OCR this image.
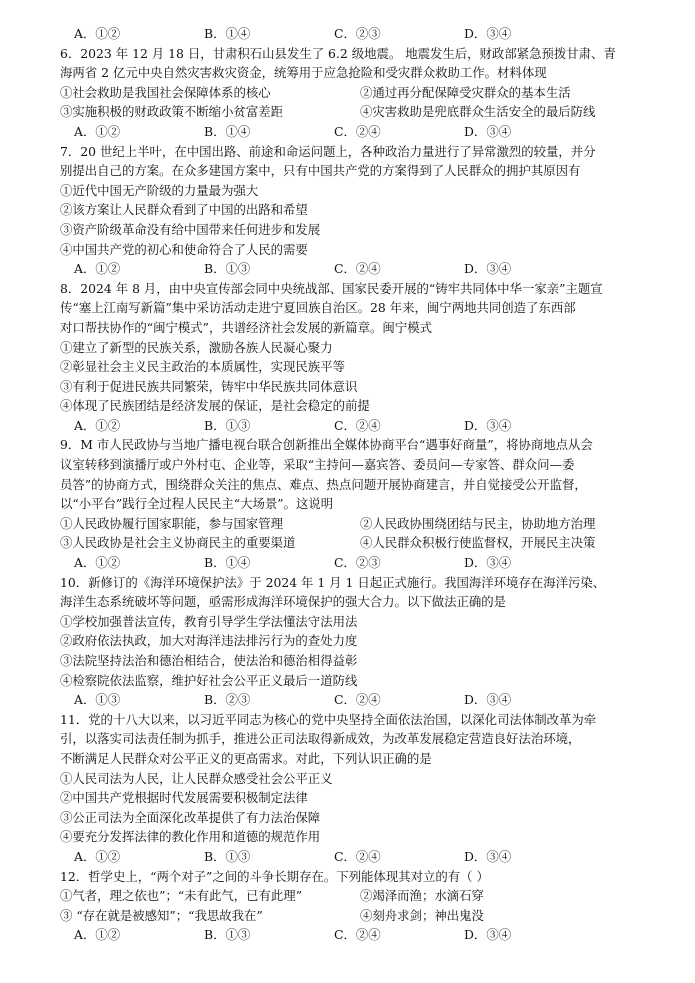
A．①②	B．①④	C．②③	D．③④
6．2023 年 12 月 18 日，甘肃积石山县发生了 6.2 级地震。 地震发生后，财政部紧急预拨甘肃、青
海两省 2 亿元中央自然灾害救灾资金，统筹用于应急抢险和受灾群众救助工作。材料体现
①社会救助是我国社会保障体系的核心	②通过再分配保障受灾群众的基本生活
③实施积极的财政政策不断缩小贫富差距	④灾害救助是兜底群众生活安全的最后防线
A．①②	B．①④	C．②④	D．③④
7．20 世纪上半叶，在中国出路、前途和命运问题上，各种政治力量进行了异常激烈的较量，并分
别提出自己的方案。在众多建国方案中，只有中国共产党的方案得到了人民群众的拥护其原因有
①近代中国无产阶级的力量最为强大
②该方案让人民群众看到了中国的出路和希望
③资产阶级革命没有给中国带来任何进步和发展
④中国共产党的初心和使命符合了人民的需要
A．①②	B．①③	C．②④	D．③④
8．2024 年 8 月，由中央宣传部会同中央统战部、国家民委开展的“铸牢共同体中华一家亲”主题宣
传“塞上江南写新篇”集中采访活动走进宁夏回族自治区。28 年来，闽宁两地共同创造了东西部
对口帮扶协作的“闽宁模式”，共谱经济社会发展的新篇章。闽宁模式
①建立了新型的民族关系，激励各族人民凝心聚力
②彰显社会主义民主政治的本质属性，实现民族平等
③有利于促进民族共同繁荣，铸牢中华民族共同体意识
④体现了民族团结是经济发展的保证，是社会稳定的前提
A．①②	B．①③	C．②④	D．③④
9．M 市人民政协与当地广播电视台联合创新推出全媒体协商平台“遇事好商量”，将协商地点从会
议室转移到演播厅或户外村屯、企业等，采取“主持问—嘉宾答、委员问—专家答、群众问—委
员答”的协商方式，围绕群众关注的焦点、难点、热点问题开展协商建言，并自觉接受公开监督，
以“小平台”践行全过程人民民主“大场景”。这说明
①人民政协履行国家职能，参与国家管理	②人民政协围绕团结与民主，协助地方治理
③人民政协是社会主义协商民主的重要渠道	④人民群众积极行使监督权，开展民主决策
A．①②	B．①④	C．②③	D．③④
10．新修订的《海洋环境保护法》于 2024 年 1 月 1 日起正式施行。我国海洋环境存在海洋污染、
海洋生态系统破坏等问题，亟需形成海洋环境保护的强大合力。以下做法正确的是
①学校加强普法宣传，教育引导学生学法懂法守法用法
②政府依法执政，加大对海洋违法排污行为的查处力度
③法院坚持法治和德治相结合，使法治和德治相得益彰
④检察院依法监察，维护好社会公平正义最后一道防线
A．①③	B．②③	C．②④	D．③④
11．党的十八大以来，以习近平同志为核心的党中央坚持全面依法治国，以深化司法体制改革为牵
引，以落实司法责任制为抓手，推进公正司法取得新成效，为改革发展稳定营造良好法治环境，
不断满足人民群众对公平正义的更高需求。对此，下列认识正确的是
①人民司法为人民，让人民群众感受社会公平正义
②中国共产党根据时代发展需要积极制定法律
③公正司法为全面深化改革提供了有力法治保障
④要充分发挥法律的教化作用和道德的规范作用
A．①②	B．①③	C．②④	D．③④
12．哲学史上，“两个对子”之间的斗争长期存在。下列能体现其对立的有（ ）
①气者，理之依也”；“未有此气，已有此理”	②竭泽而渔；水滴石穿
③ “存在就是被感知”；“我思故我在”	④刻舟求剑；神出鬼没
A．①②	B．①③	C．②④	D．③④
